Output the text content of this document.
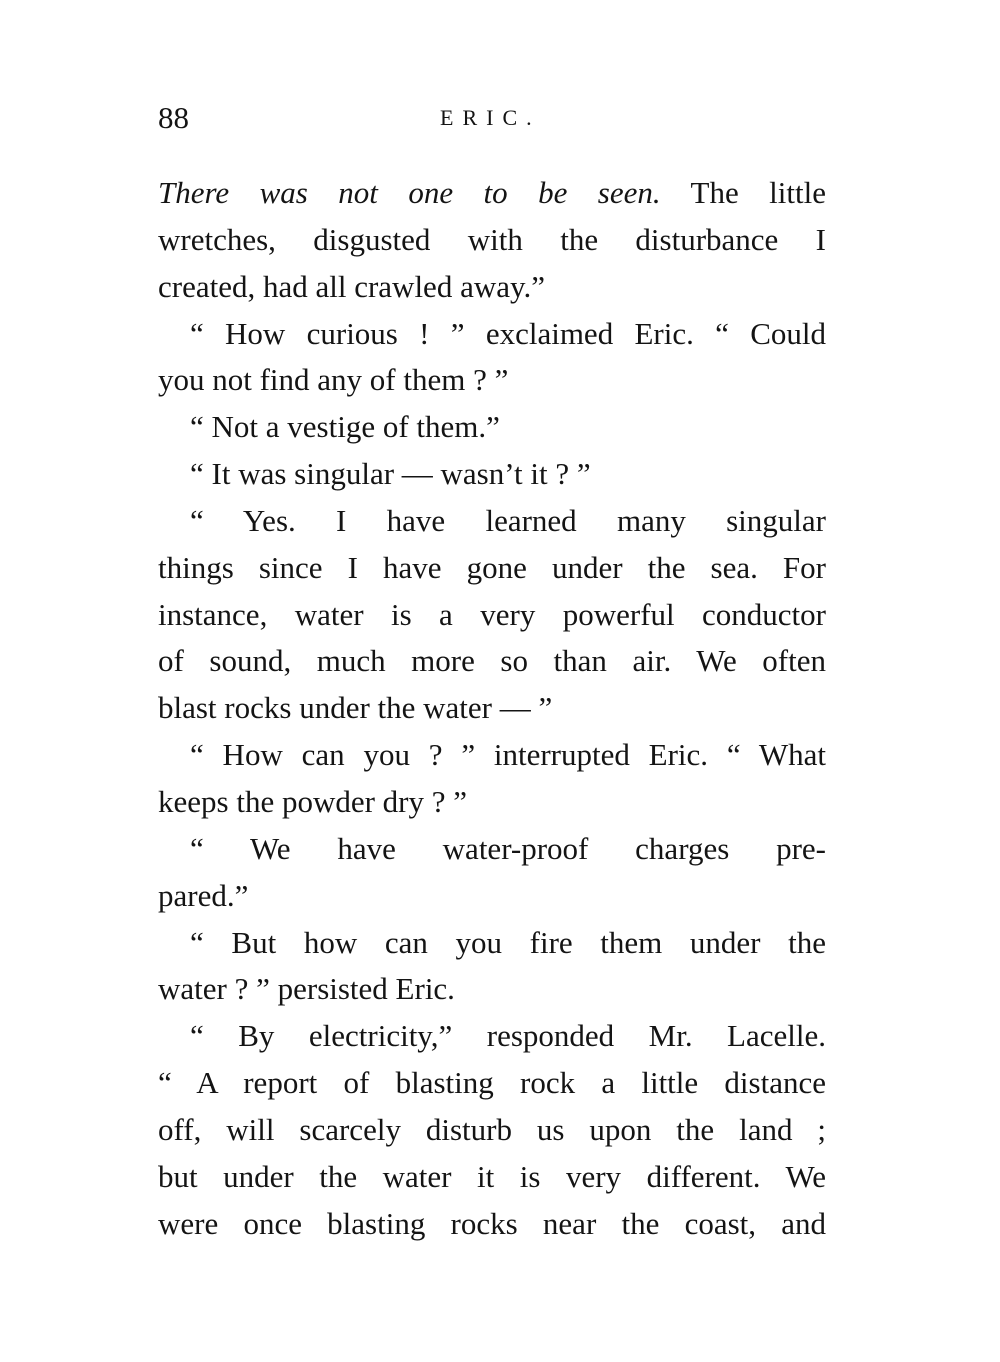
88	ERIC.
There was not one to be seen. The little
wretches, disgusted with the disturbance I
created, had all crawled away.”
“ How curious ! ” exclaimed Eric. “ Could
you not find any of them ? ”
“ Not a vestige of them.”
“ It was singular — wasn’t it ? ”
“ Yes. I have learned many singular
things since I have gone under the sea. For
instance, water is a very powerful conductor
of sound, much more so than air. We often
blast rocks under the water — ”
“ How can you ? ” interrupted Eric. “ What
keeps the powder dry ? ”
“ We have water-proof charges pre-
pared.”
“ But how can you fire them under the
water ? ” persisted Eric.
“ By electricity,” responded Mr. Lacelle.
“ A report of blasting rock a little distance
off, will scarcely disturb us upon the land ;
but under the water it is very different. We
were once blasting rocks near the coast, and
